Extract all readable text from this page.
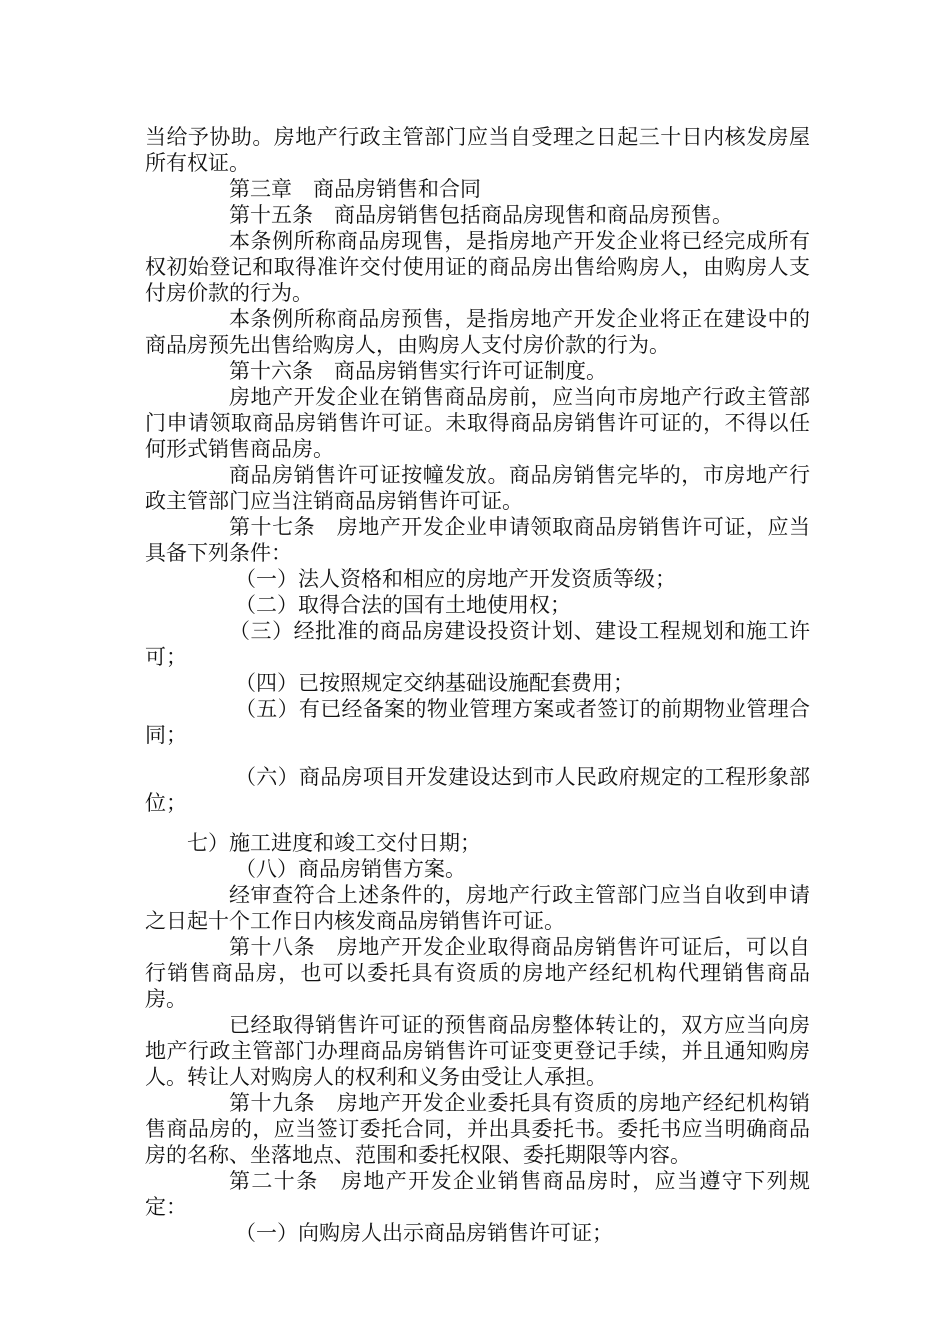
当给予协助。房地产行政主管部门应当自受理之日起三十日内核发房屋所有权证。

第三章　商品房销售和合同

第十五条　商品房销售包括商品房现售和商品房预售。

本条例所称商品房现售，是指房地产开发企业将已经完成所有权初始登记和取得准许交付使用证的商品房出售给购房人，由购房人支付房价款的行为。

本条例所称商品房预售，是指房地产开发企业将正在建设中的商品房预先出售给购房人，由购房人支付房价款的行为。

第十六条　商品房销售实行许可证制度。

房地产开发企业在销售商品房前，应当向市房地产行政主管部门申请领取商品房销售许可证。未取得商品房销售许可证的，不得以任何形式销售商品房。

商品房销售许可证按幢发放。商品房销售完毕的，市房地产行政主管部门应当注销商品房销售许可证。

第十七条　房地产开发企业申请领取商品房销售许可证，应当具备下列条件：

（一）法人资格和相应的房地产开发资质等级；

（二）取得合法的国有土地使用权；

（三）经批准的商品房建设投资计划、建设工程规划和施工许可；

（四）已按照规定交纳基础设施配套费用；

（五）有已经备案的物业管理方案或者签订的前期物业管理合同；

（六）商品房项目开发建设达到市人民政府规定的工程形象部位；

七）施工进度和竣工交付日期；

（八）商品房销售方案。

经审查符合上述条件的，房地产行政主管部门应当自收到申请之日起十个工作日内核发商品房销售许可证。

第十八条　房地产开发企业取得商品房销售许可证后，可以自行销售商品房，也可以委托具有资质的房地产经纪机构代理销售商品房。

已经取得销售许可证的预售商品房整体转让的，双方应当向房地产行政主管部门办理商品房销售许可证变更登记手续，并且通知购房人。转让人对购房人的权利和义务由受让人承担。

第十九条　房地产开发企业委托具有资质的房地产经纪机构销售商品房的，应当签订委托合同，并出具委托书。委托书应当明确商品房的名称、坐落地点、范围和委托权限、委托期限等内容。

第二十条　房地产开发企业销售商品房时，应当遵守下列规定：

（一）向购房人出示商品房销售许可证；
